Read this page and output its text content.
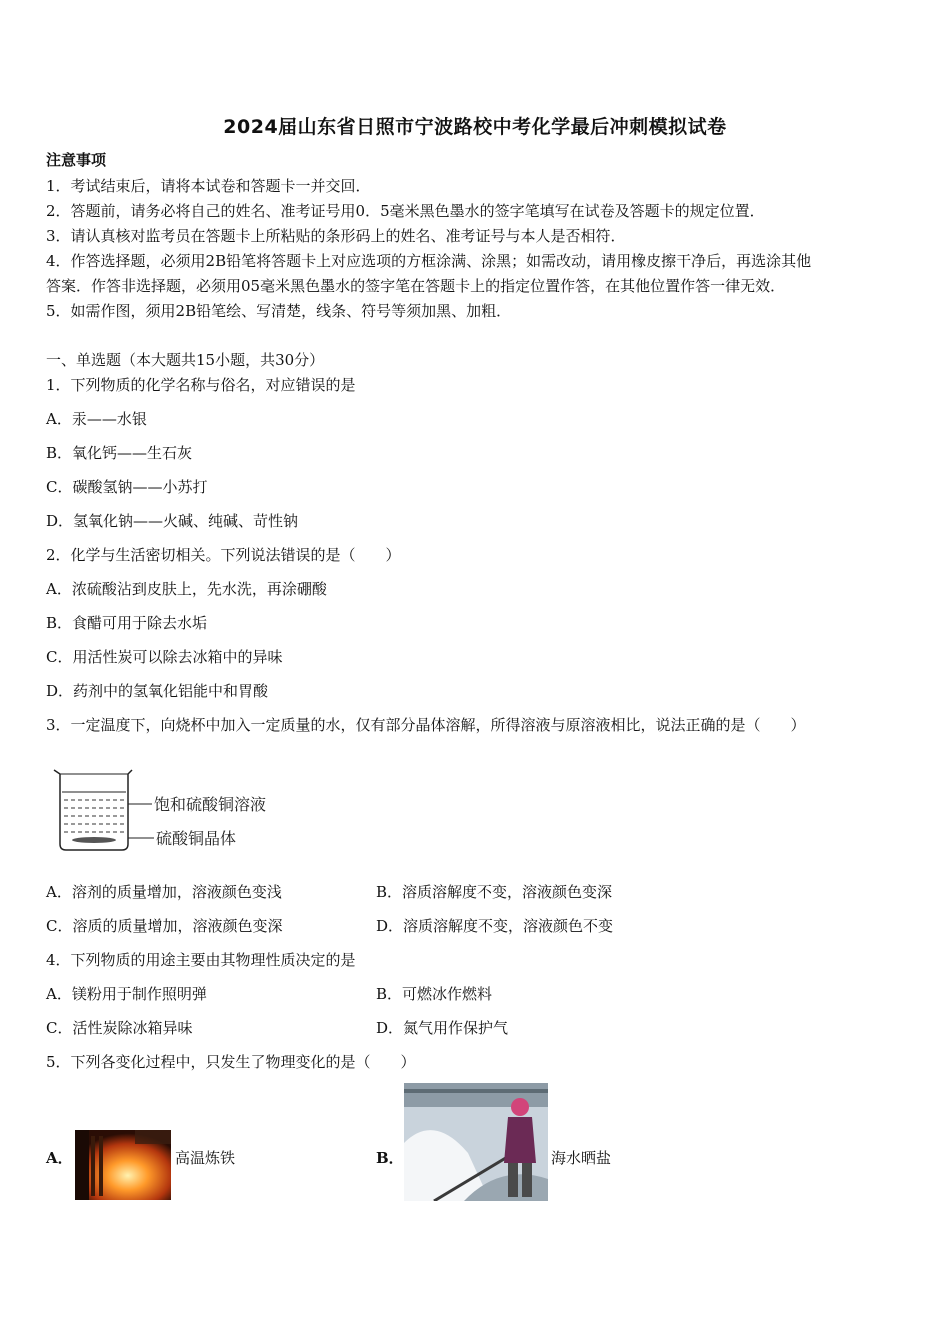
2024届山东省日照市宁波路校中考化学最后冲刺模拟试卷
注意事项
1．考试结束后，请将本试卷和答题卡一并交回．
2．答题前，请务必将自己的姓名、准考证号用0．5毫米黑色墨水的签字笔填写在试卷及答题卡的规定位置．
3．请认真核对监考员在答题卡上所粘贴的条形码上的姓名、准考证号与本人是否相符．
4．作答选择题，必须用2B铅笔将答题卡上对应选项的方框涂满、涂黑；如需改动，请用橡皮擦干净后，再选涂其他
答案．作答非选择题，必须用05毫米黑色墨水的签字笔在答题卡上的指定位置作答，在其他位置作答一律无效．
5．如需作图，须用2B铅笔绘、写清楚，线条、符号等须加黑、加粗．
一、单选题（本大题共15小题，共30分）
1．下列物质的化学名称与俗名，对应错误的是
A．汞——水银
B．氧化钙——生石灰
C．碳酸氢钠——小苏打
D．氢氧化钠——火碱、纯碱、苛性钠
2．化学与生活密切相关。下列说法错误的是（　　）
A．浓硫酸沾到皮肤上，先水洗，再涂硼酸
B．食醋可用于除去水垢
C．用活性炭可以除去冰箱中的异味
D．药剂中的氢氧化铝能中和胃酸
3．一定温度下，向烧杯中加入一定质量的水，仅有部分晶体溶解，所得溶液与原溶液相比，说法正确的是（　　）
饱和硫酸铜溶液
硫酸铜晶体
A．溶剂的质量增加，溶液颜色变浅	B．溶质溶解度不变，溶液颜色变深
C．溶质的质量增加，溶液颜色变深	D．溶质溶解度不变，溶液颜色不变
4．下列物质的用途主要由其物理性质决定的是
A．镁粉用于制作照明弹	B．可燃冰作燃料
C．活性炭除冰箱异味	D．氮气用作保护气
5．下列各变化过程中，只发生了物理变化的是（　　）
A．	高温炼铁	B．	海水晒盐
